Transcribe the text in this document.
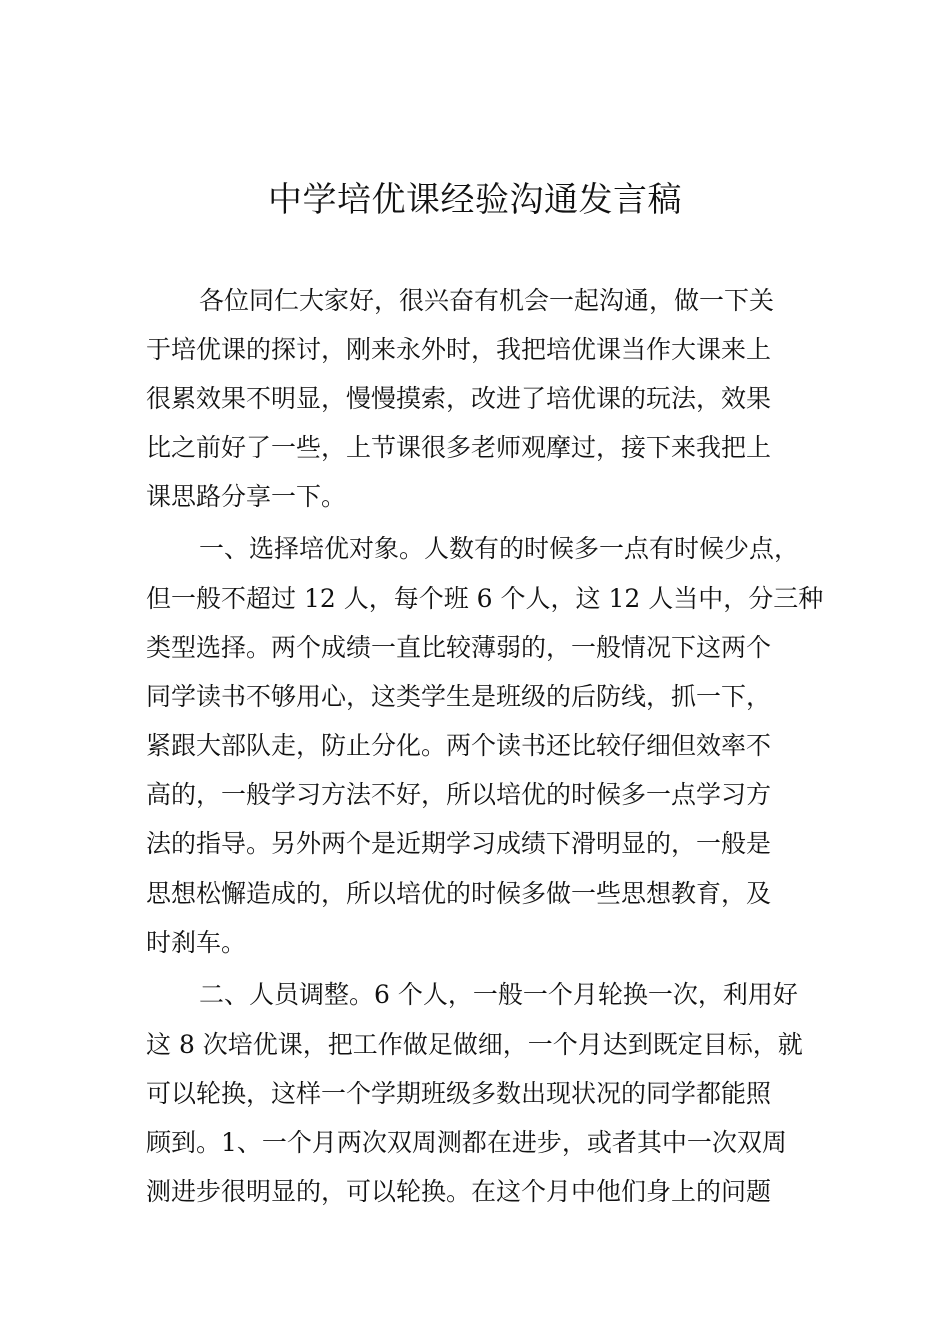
中学培优课经验沟通发言稿
各位同仁大家好，很兴奋有机会一起沟通，做一下关
于培优课的探讨，刚来永外时，我把培优课当作大课来上
很累效果不明显，慢慢摸索，改进了培优课的玩法，效果
比之前好了一些，上节课很多老师观摩过，接下来我把上
课思路分享一下。
一、选择培优对象。人数有的时候多一点有时候少点，
但一般不超过 12 人，每个班 6 个人，这 12 人当中，分三种
类型选择。两个成绩一直比较薄弱的，一般情况下这两个
同学读书不够用心，这类学生是班级的后防线，抓一下，
紧跟大部队走，防止分化。两个读书还比较仔细但效率不
高的，一般学习方法不好，所以培优的时候多一点学习方
法的指导。另外两个是近期学习成绩下滑明显的，一般是
思想松懈造成的，所以培优的时候多做一些思想教育，及
时刹车。
二、人员调整。6 个人，一般一个月轮换一次，利用好
这 8 次培优课，把工作做足做细，一个月达到既定目标，就
可以轮换，这样一个学期班级多数出现状况的同学都能照
顾到。1、一个月两次双周测都在进步，或者其中一次双周
测进步很明显的，可以轮换。在这个月中他们身上的问题
